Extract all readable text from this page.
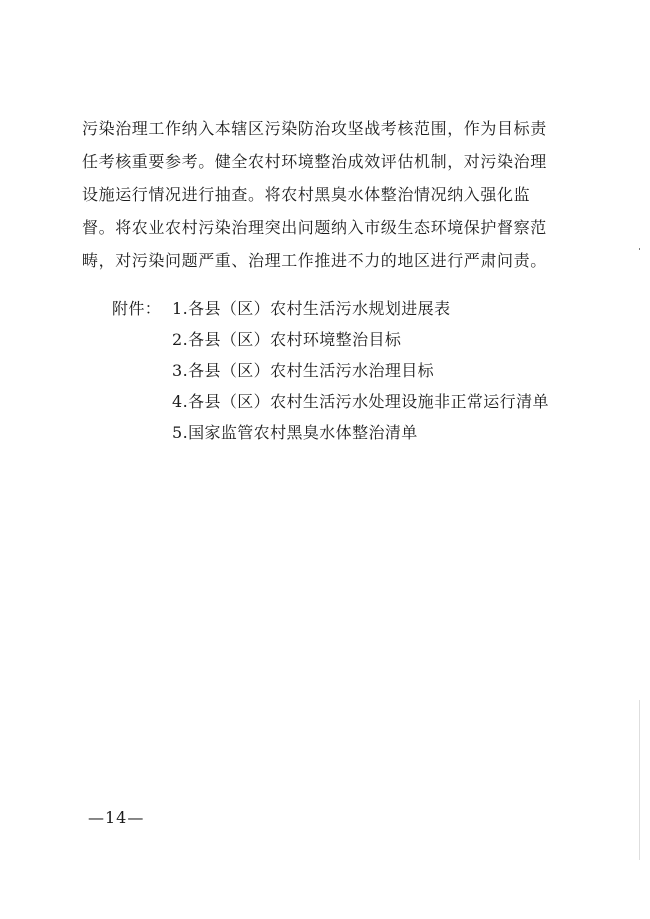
污染治理工作纳入本辖区污染防治攻坚战考核范围，作为目标责
任考核重要参考。健全农村环境整治成效评估机制，对污染治理
设施运行情况进行抽查。将农村黑臭水体整治情况纳入强化监
督。将农业农村污染治理突出问题纳入市级生态环境保护督察范
畴，对污染问题严重、治理工作推进不力的地区进行严肃问责。
附件： 1.各县（区）农村生活污水规划进展表
2.各县（区）农村环境整治目标
3.各县（区）农村生活污水治理目标
4.各县（区）农村生活污水处理设施非正常运行清单
5.国家监管农村黑臭水体整治清单
—14—
